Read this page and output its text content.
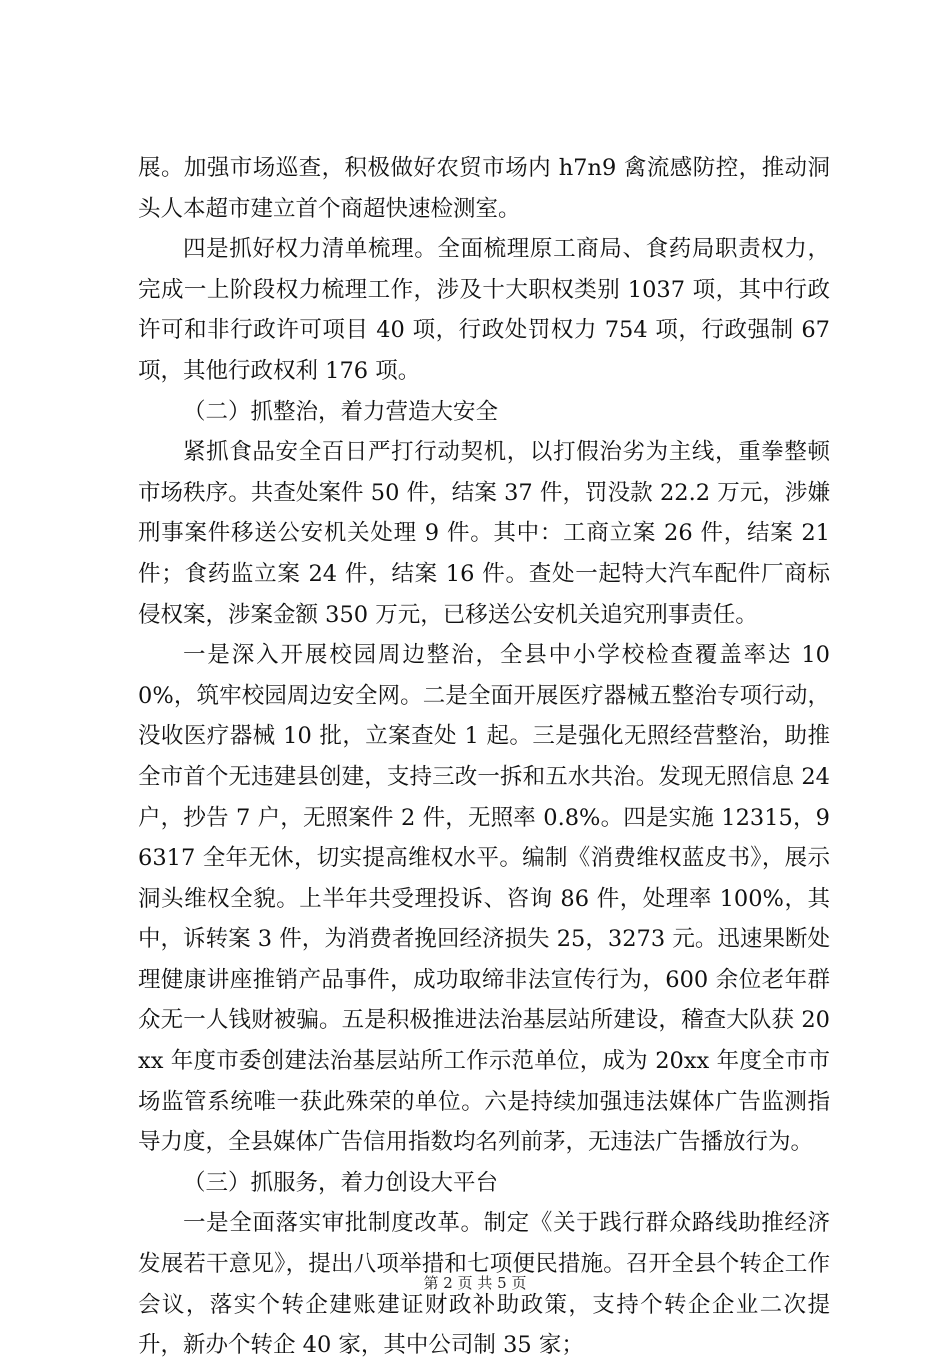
展。加强市场巡查，积极做好农贸市场内 h7n9 禽流感防控，推动洞头人本超市建立首个商超快速检测室。

四是抓好权力清单梳理。全面梳理原工商局、食药局职责权力，完成一上阶段权力梳理工作，涉及十大职权类别 1037 项，其中行政许可和非行政许可项目 40 项，行政处罚权力 754 项，行政强制 67 项，其他行政权利 176 项。

（二）抓整治，着力营造大安全

紧抓食品安全百日严打行动契机，以打假治劣为主线，重拳整顿市场秩序。共查处案件 50 件，结案 37 件，罚没款 22.2 万元，涉嫌刑事案件移送公安机关处理 9 件。其中：工商立案 26 件，结案 21 件；食药监立案 24 件，结案 16 件。查处一起特大汽车配件厂商标侵权案，涉案金额 350 万元，已移送公安机关追究刑事责任。

一是深入开展校园周边整治，全县中小学校检查覆盖率达 100%，筑牢校园周边安全网。二是全面开展医疗器械五整治专项行动，没收医疗器械 10 批，立案查处 1 起。三是强化无照经营整治，助推全市首个无违建县创建，支持三改一拆和五水共治。发现无照信息 24 户，抄告 7 户，无照案件 2 件，无照率 0.8%。四是实施 12315，96317 全年无休，切实提高维权水平。编制《消费维权蓝皮书》，展示洞头维权全貌。上半年共受理投诉、咨询 86 件，处理率 100%，其中，诉转案 3 件，为消费者挽回经济损失 25，3273 元。迅速果断处理健康讲座推销产品事件，成功取缔非法宣传行为，600 余位老年群众无一人钱财被骗。五是积极推进法治基层站所建设，稽查大队获 20xx 年度市委创建法治基层站所工作示范单位，成为 20xx 年度全市市场监管系统唯一获此殊荣的单位。六是持续加强违法媒体广告监测指导力度，全县媒体广告信用指数均名列前茅，无违法广告播放行为。

（三）抓服务，着力创设大平台

一是全面落实审批制度改革。制定《关于践行群众路线助推经济发展若干意见》，提出八项举措和七项便民措施。召开全县个转企工作会议，落实个转企建账建证财政补助政策，支持个转企企业二次提升，新办个转企 40 家，其中公司制 35 家；

第 2 页 共 5 页
